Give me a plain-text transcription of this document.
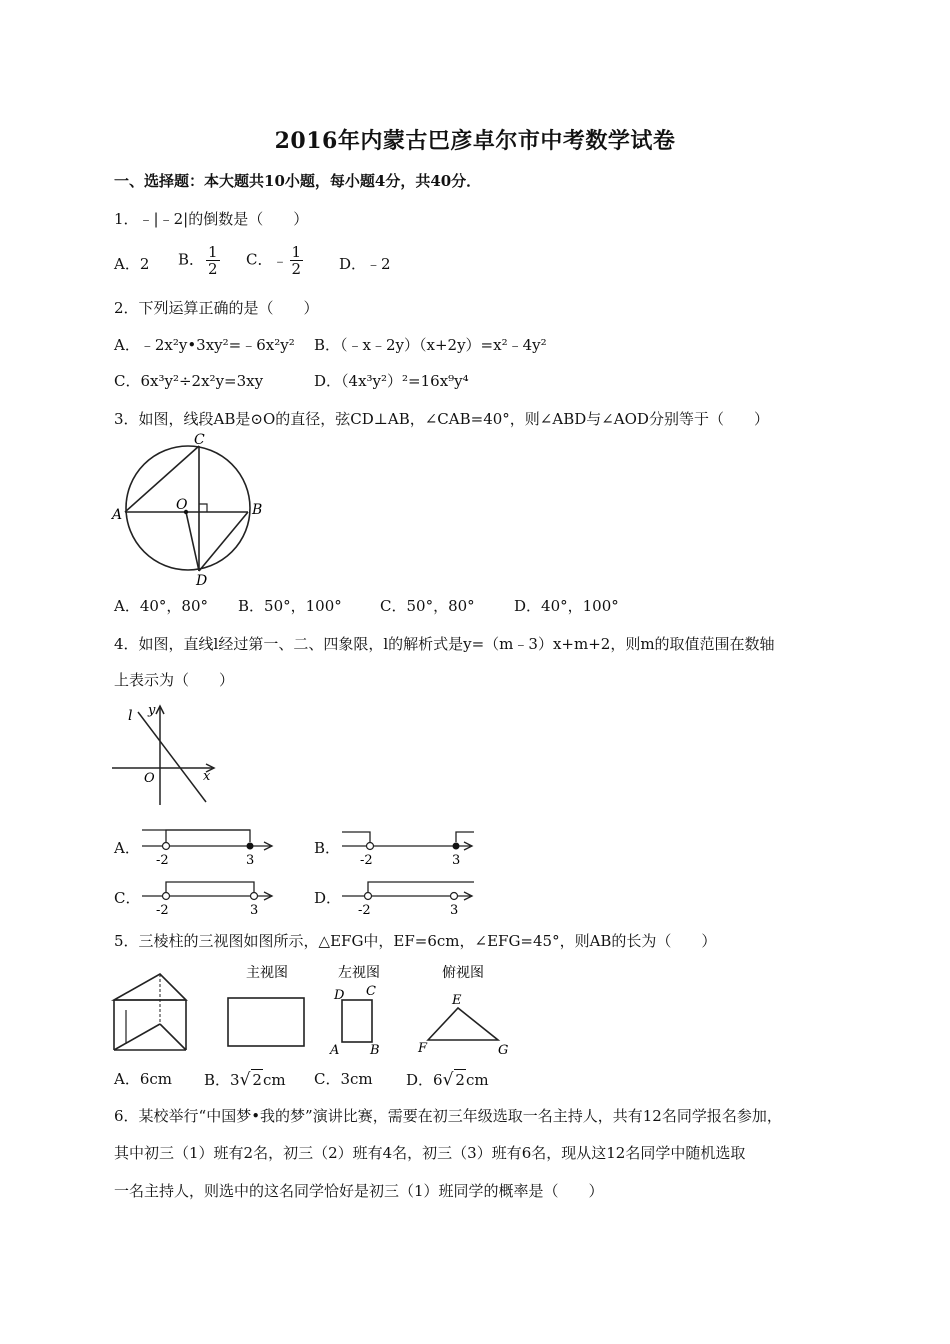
2016年内蒙古巴彦卓尔市中考数学试卷
一、选择题：本大题共10小题，每小题4分，共40分．
1．﹣|﹣2|的倒数是（　　）
A．2 B． $\frac{1}{2}$ C．﹣ $\frac{1}{2}$ D．﹣2
2．下列运算正确的是（　　）
A．﹣2x²y•3xy²=﹣6x²y² B．（﹣x﹣2y）（x+2y）=x²﹣4y²
C．6x³y²÷2x²y=3xy	D．（4x³y²）²=16x⁹y⁴
3．如图，线段AB是⊙O的直径，弦CD⊥AB，∠CAB=40°，则∠ABD与∠AOD分别等于（　　）
A	B
C
D
O
A．40°，80° B．50°，100°	C．50°，80°	D．40°，100°
4．如图，直线l经过第一、二、四象限，l的解析式是y=（m﹣3）x+m+2，则m的取值范围在数轴
上表示为（　　）
l y
O	x
A．
-2	3
B．
-2	3
C．
-2	3
D．
-2	3
5．三棱柱的三视图如图所示，△EFG中，EF=6cm，∠EFG=45°，则AB的长为（　　）
主视图	左视图
D C
A B
俯视图
E
F	G
A．6cm B．3√ 2cm C．3cm D．6√ 2cm
6．某校举行“中国梦•我的梦”演讲比赛，需要在初三年级选取一名主持人，共有12名同学报名参加，
其中初三（1）班有2名，初三（2）班有4名，初三（3）班有6名，现从这12名同学中随机选取
一名主持人，则选中的这名同学恰好是初三（1）班同学的概率是（　　）
